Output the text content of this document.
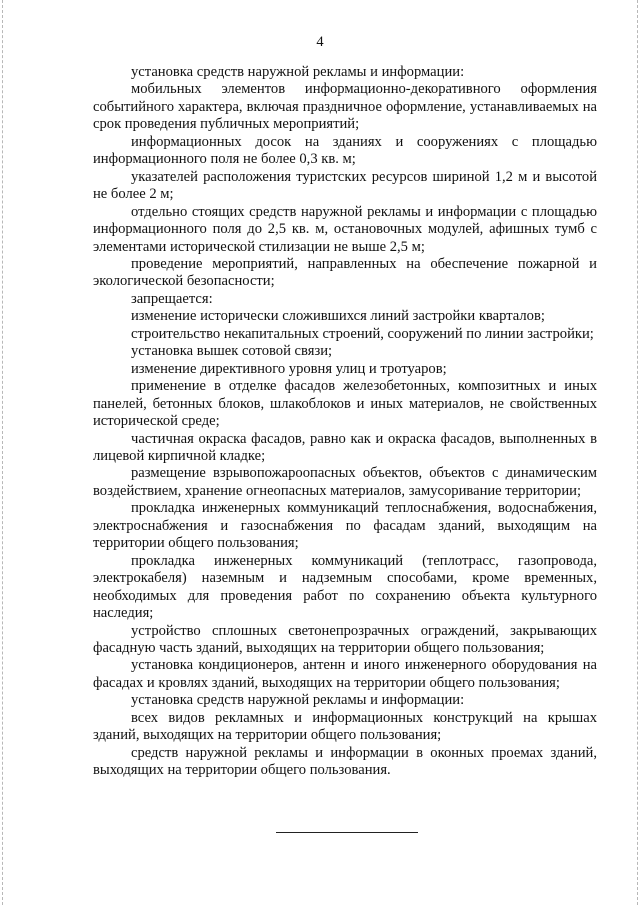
4

установка средств наружной рекламы и информации:

мобильных элементов информационно-декоративного оформления событийного характера, включая праздничное оформление, устанавливаемых на срок проведения публичных мероприятий;

информационных досок на зданиях и сооружениях с площадью информационного поля не более 0,3 кв. м;

указателей расположения туристских ресурсов шириной 1,2 м и высотой не более 2 м;

отдельно стоящих средств наружной рекламы и информации с площадью информационного поля до 2,5 кв. м, остановочных модулей, афишных тумб с элементами исторической стилизации не выше 2,5 м;

проведение мероприятий, направленных на обеспечение пожарной и экологической безопасности;

запрещается:

изменение исторически сложившихся линий застройки кварталов;

строительство некапитальных строений, сооружений по линии застройки;

установка вышек сотовой связи;

изменение директивного уровня улиц и тротуаров;

применение в отделке фасадов железобетонных, композитных и иных панелей, бетонных блоков, шлакоблоков и иных материалов, не свойственных исторической среде;

частичная окраска фасадов, равно как и окраска фасадов, выполненных в лицевой кирпичной кладке;

размещение взрывопожароопасных объектов, объектов с динамическим воздействием, хранение огнеопасных материалов, замусоривание территории;

прокладка инженерных коммуникаций теплоснабжения, водоснабжения, электроснабжения и газоснабжения по фасадам зданий, выходящим на территории общего пользования;

прокладка инженерных коммуникаций (теплотрасс, газопровода, электрокабеля) наземным и надземным способами, кроме временных, необходимых для проведения работ по сохранению объекта культурного наследия;

устройство сплошных светонепрозрачных ограждений, закрывающих фасадную часть зданий, выходящих на территории общего пользования;

установка кондиционеров, антенн и иного инженерного оборудования на фасадах и кровлях зданий, выходящих на территории общего пользования;

установка средств наружной рекламы и информации:

всех видов рекламных и информационных конструкций на крышах зданий, выходящих на территории общего пользования;

средств наружной рекламы и информации в оконных проемах зданий, выходящих на территории общего пользования.
